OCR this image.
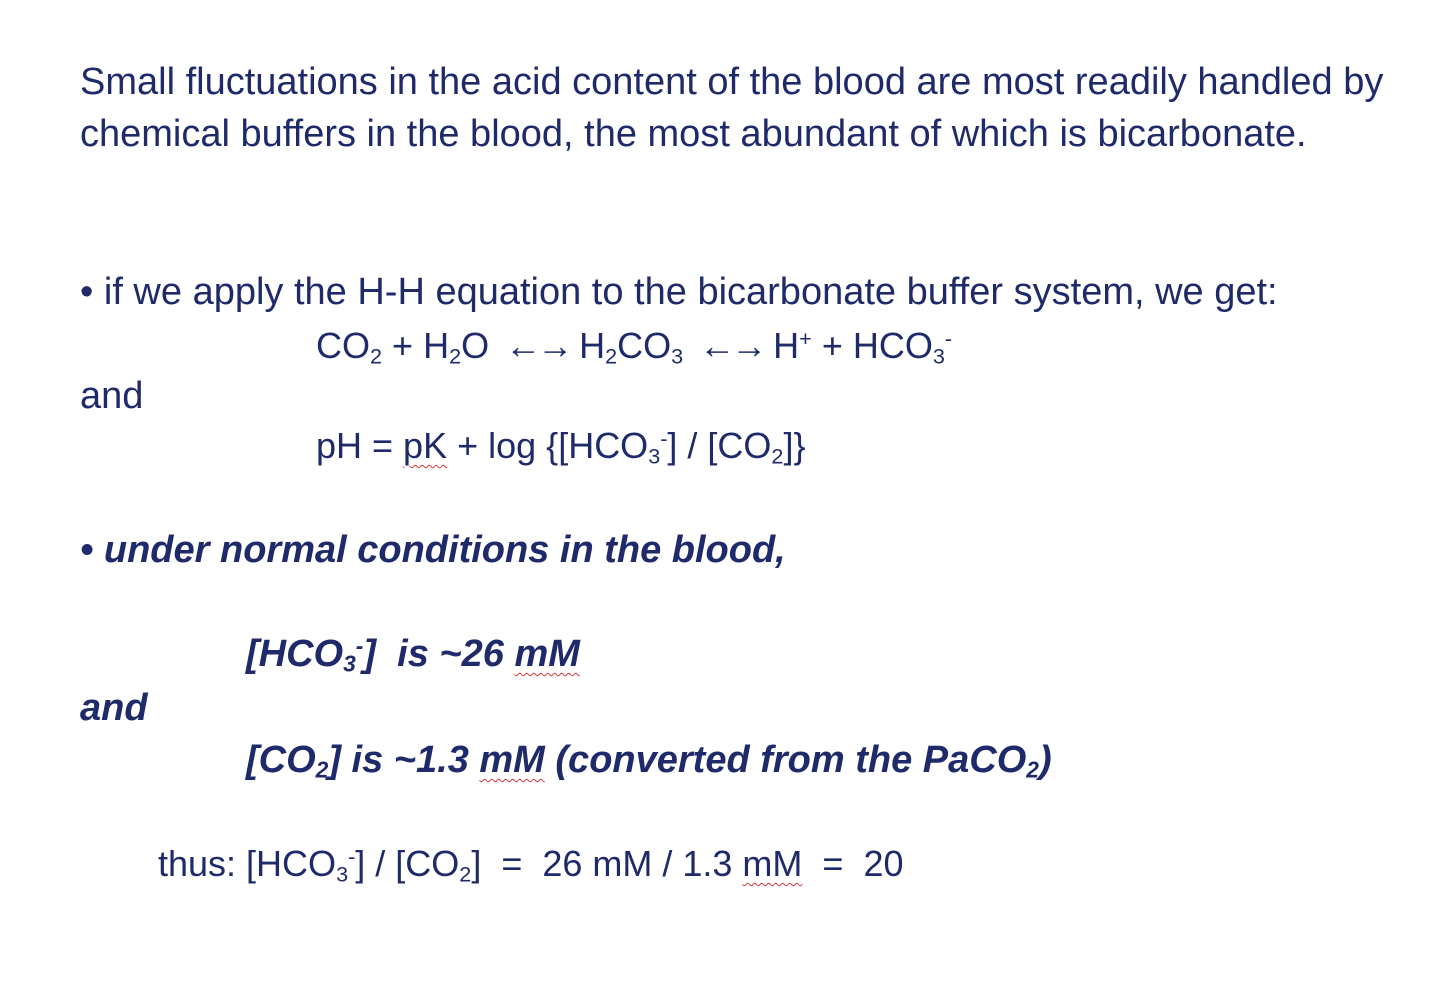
Small fluctuations in the acid content of the blood are most readily handled by chemical buffers in the blood, the most abundant of which is bicarbonate.
• if we apply the H-H equation to the bicarbonate buffer system, we get:
$CO_2 + H_2O$ ←→ $H_2CO_3$ ←→ $H^+ + HCO_3^-$
and
pH = pK + $\log \{[HCO_3^-] / [CO_2]\}$
• under normal conditions in the blood,
$[HCO_3^-]$  is ~26 mM
and
$[CO_2]$ is ~1.3 mM (converted from the PaCO$_2$)
thus: $[HCO_3^-] / [CO_2] = 26$ mM / 1.3 mM  =  20
